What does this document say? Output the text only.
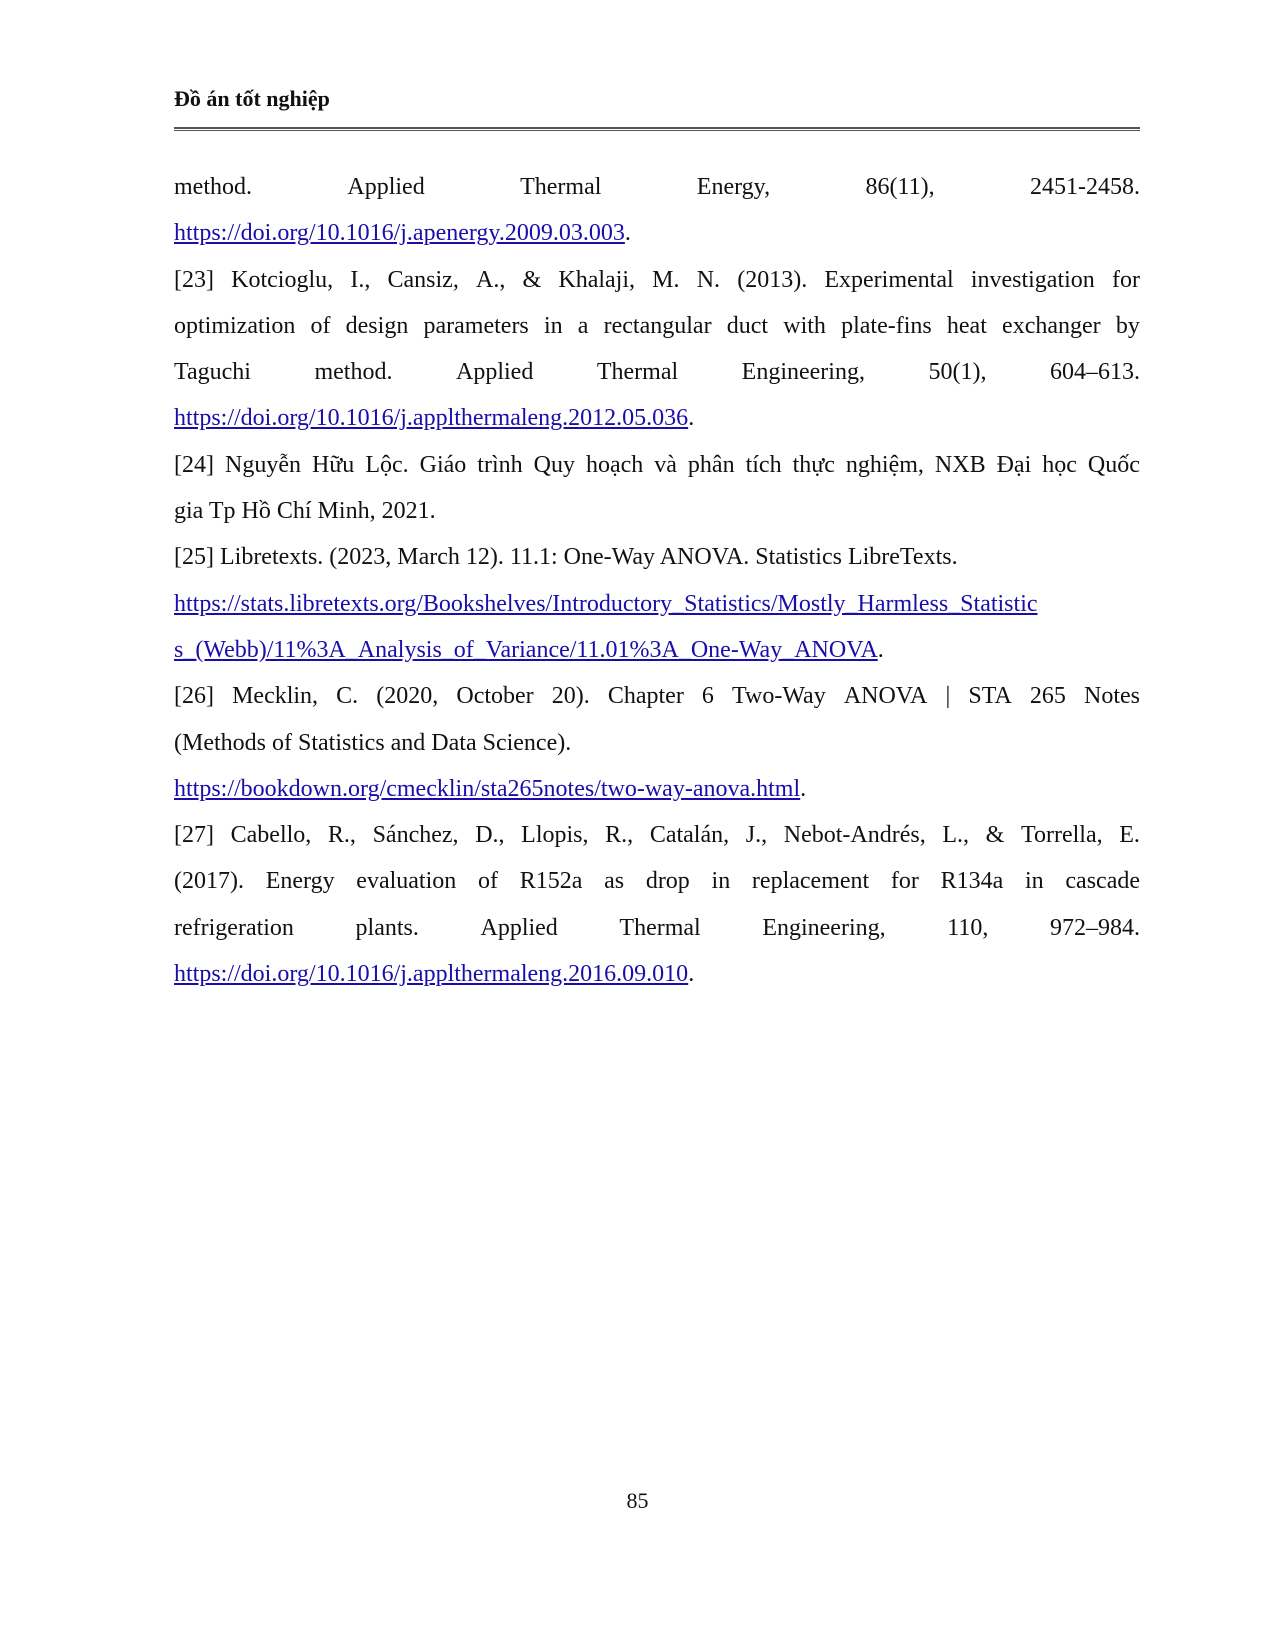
Đồ án tốt nghiệp
method.	Applied	Thermal	Energy,	86(11),	2451-2458.
https://doi.org/10.1016/j.apenergy.2009.03.003.
[23] Kotcioglu, I., Cansiz, A., & Khalaji, M. N. (2013). Experimental investigation for
optimization of design parameters in a rectangular duct with plate-fins heat exchanger by
Taguchi	method.	Applied	Thermal	Engineering,	50(1),	604–613.
https://doi.org/10.1016/j.applthermaleng.2012.05.036.
[24] Nguyễn Hữu Lộc. Giáo trình Quy hoạch và phân tích thực nghiệm, NXB Đại học Quốc
gia Tp Hồ Chí Minh, 2021.
[25] Libretexts. (2023, March 12). 11.1: One-Way ANOVA. Statistics LibreTexts.
https://stats.libretexts.org/Bookshelves/Introductory_Statistics/Mostly_Harmless_Statistic
s_(Webb)/11%3A_Analysis_of_Variance/11.01%3A_One-Way_ANOVA.
[26] Mecklin, C. (2020, October 20). Chapter 6 Two-Way ANOVA | STA 265 Notes
(Methods of Statistics and Data Science).
https://bookdown.org/cmecklin/sta265notes/two-way-anova.html.
[27] Cabello, R., Sánchez, D., Llopis, R., Catalán, J., Nebot-Andrés, L., & Torrella, E.
(2017). Energy evaluation of R152a as drop in replacement for R134a in cascade
refrigeration	plants.	Applied	Thermal	Engineering,	110,	972–984.
https://doi.org/10.1016/j.applthermaleng.2016.09.010.
85
